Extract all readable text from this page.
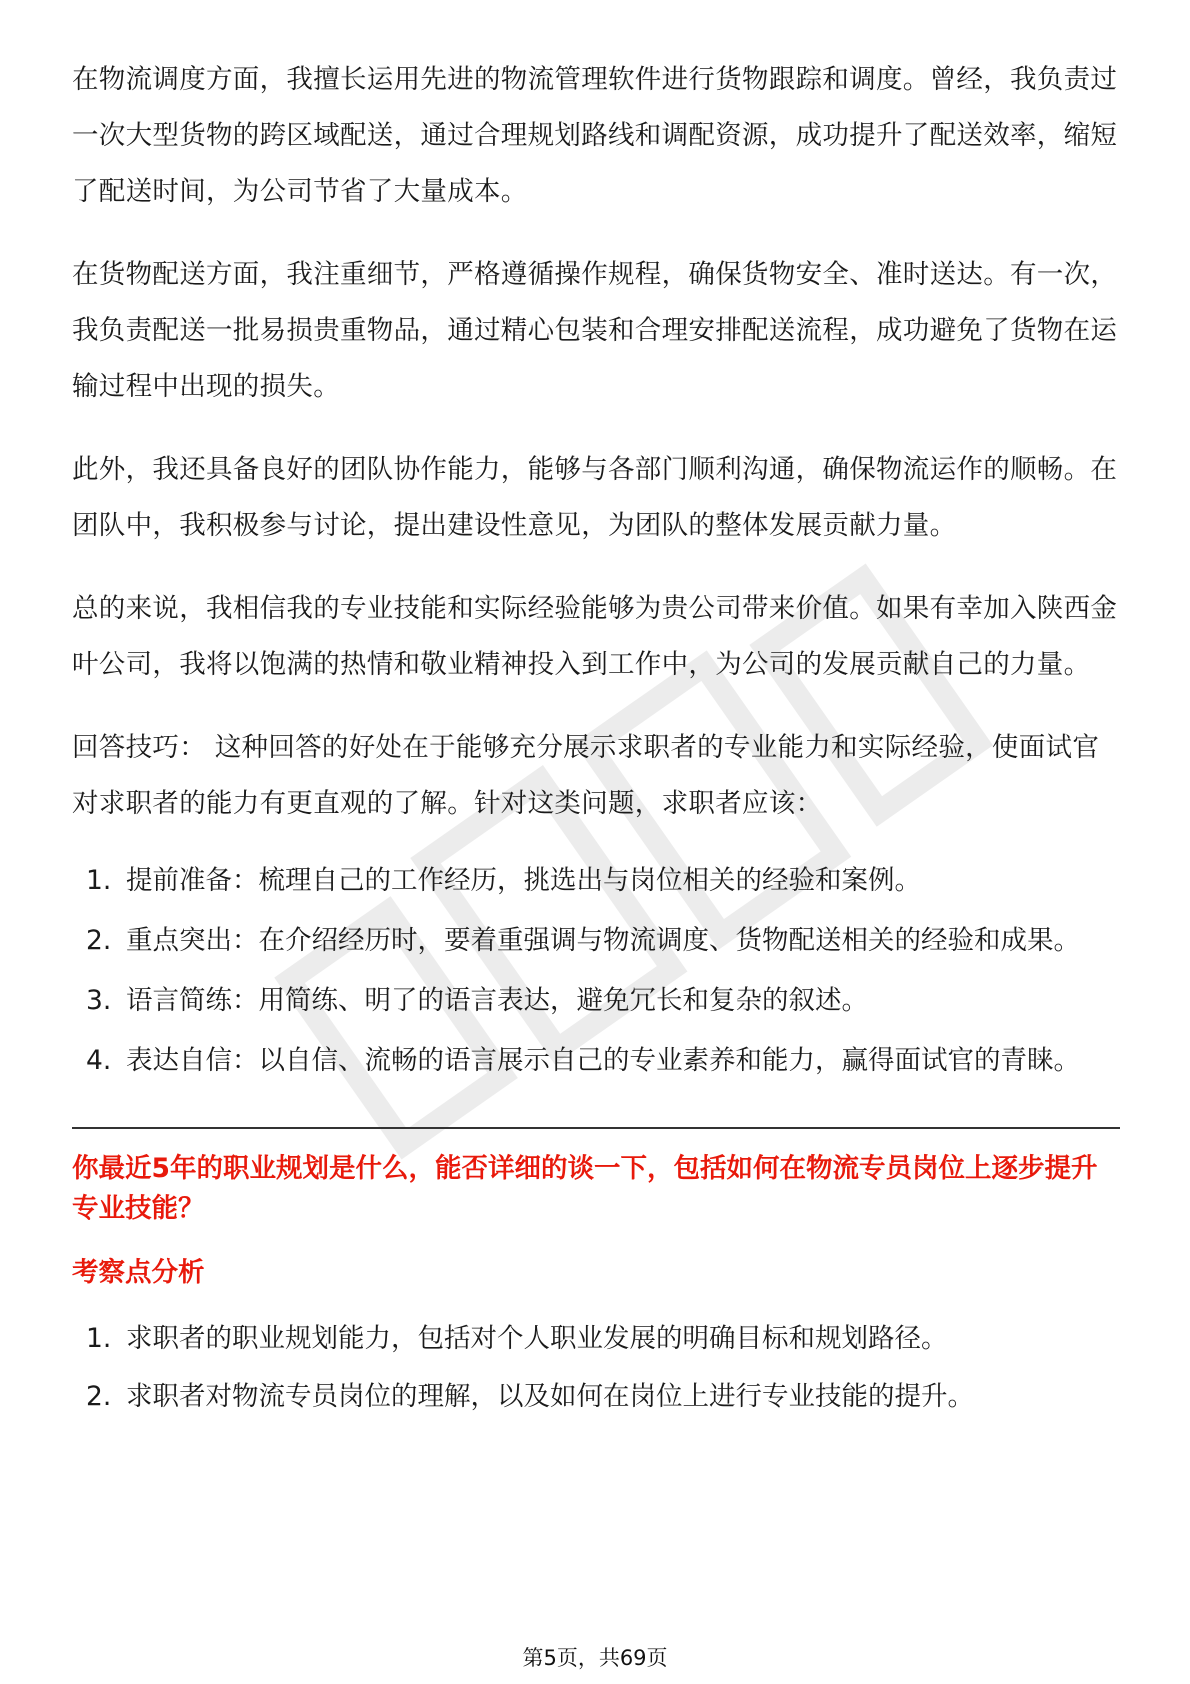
在物流调度方面，我擅长运用先进的物流管理软件进行货物跟踪和调度。曾经，我负责过一次大型货物的跨区域配送，通过合理规划路线和调配资源，成功提升了配送效率，缩短了配送时间，为公司节省了大量成本。

在货物配送方面，我注重细节，严格遵循操作规程，确保货物安全、准时送达。有一次，我负责配送一批易损贵重物品，通过精心包装和合理安排配送流程，成功避免了货物在运输过程中出现的损失。

此外，我还具备良好的团队协作能力，能够与各部门顺利沟通，确保物流运作的顺畅。在团队中，我积极参与讨论，提出建设性意见，为团队的整体发展贡献力量。

总的来说，我相信我的专业技能和实际经验能够为贵公司带来价值。如果有幸加入陕西金叶公司，我将以饱满的热情和敬业精神投入到工作中，为公司的发展贡献自己的力量。

回答技巧： 这种回答的好处在于能够充分展示求职者的专业能力和实际经验，使面试官对求职者的能力有更直观的了解。针对这类问题，求职者应该：

1. 提前准备：梳理自己的工作经历，挑选出与岗位相关的经验和案例。
2. 重点突出：在介绍经历时，要着重强调与物流调度、货物配送相关的经验和成果。
3. 语言简练：用简练、明了的语言表达，避免冗长和复杂的叙述。
4. 表达自信：以自信、流畅的语言展示自己的专业素养和能力，赢得面试官的青睐。
你最近5年的职业规划是什么，能否详细的谈一下，包括如何在物流专员岗位上逐步提升专业技能？
考察点分析
1. 求职者的职业规划能力，包括对个人职业发展的明确目标和规划路径。
2. 求职者对物流专员岗位的理解，以及如何在岗位上进行专业技能的提升。
第5页，共69页
